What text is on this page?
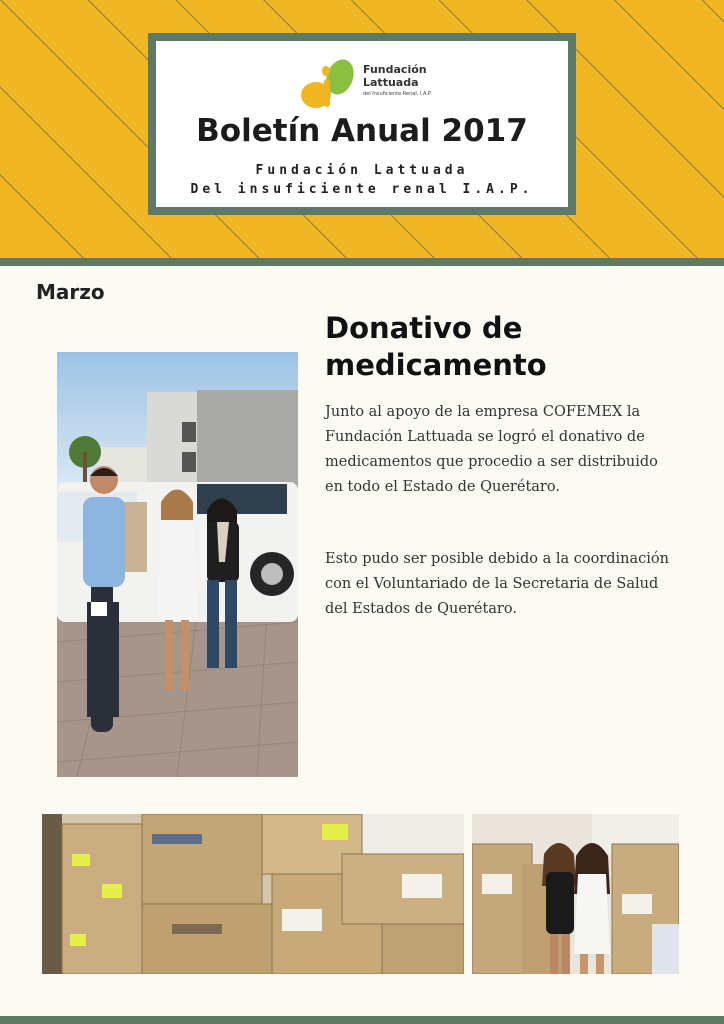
Fundación Lattuada
del Insuficiente Renal, I.A.P.
Boletín Anual 2017
Fundación Lattuada
Del insuficiente renal I.A.P.
Marzo
Donativo de medicamento
Junto al apoyo de la empresa COFEMEX la Fundación Lattuada se logró el donativo de medicamentos que procedio a ser distribuido en todo el Estado de Querétaro.
Esto pudo ser posible debido a la coordinación con el Voluntariado de la Secretaria de Salud del Estados de Querétaro.
